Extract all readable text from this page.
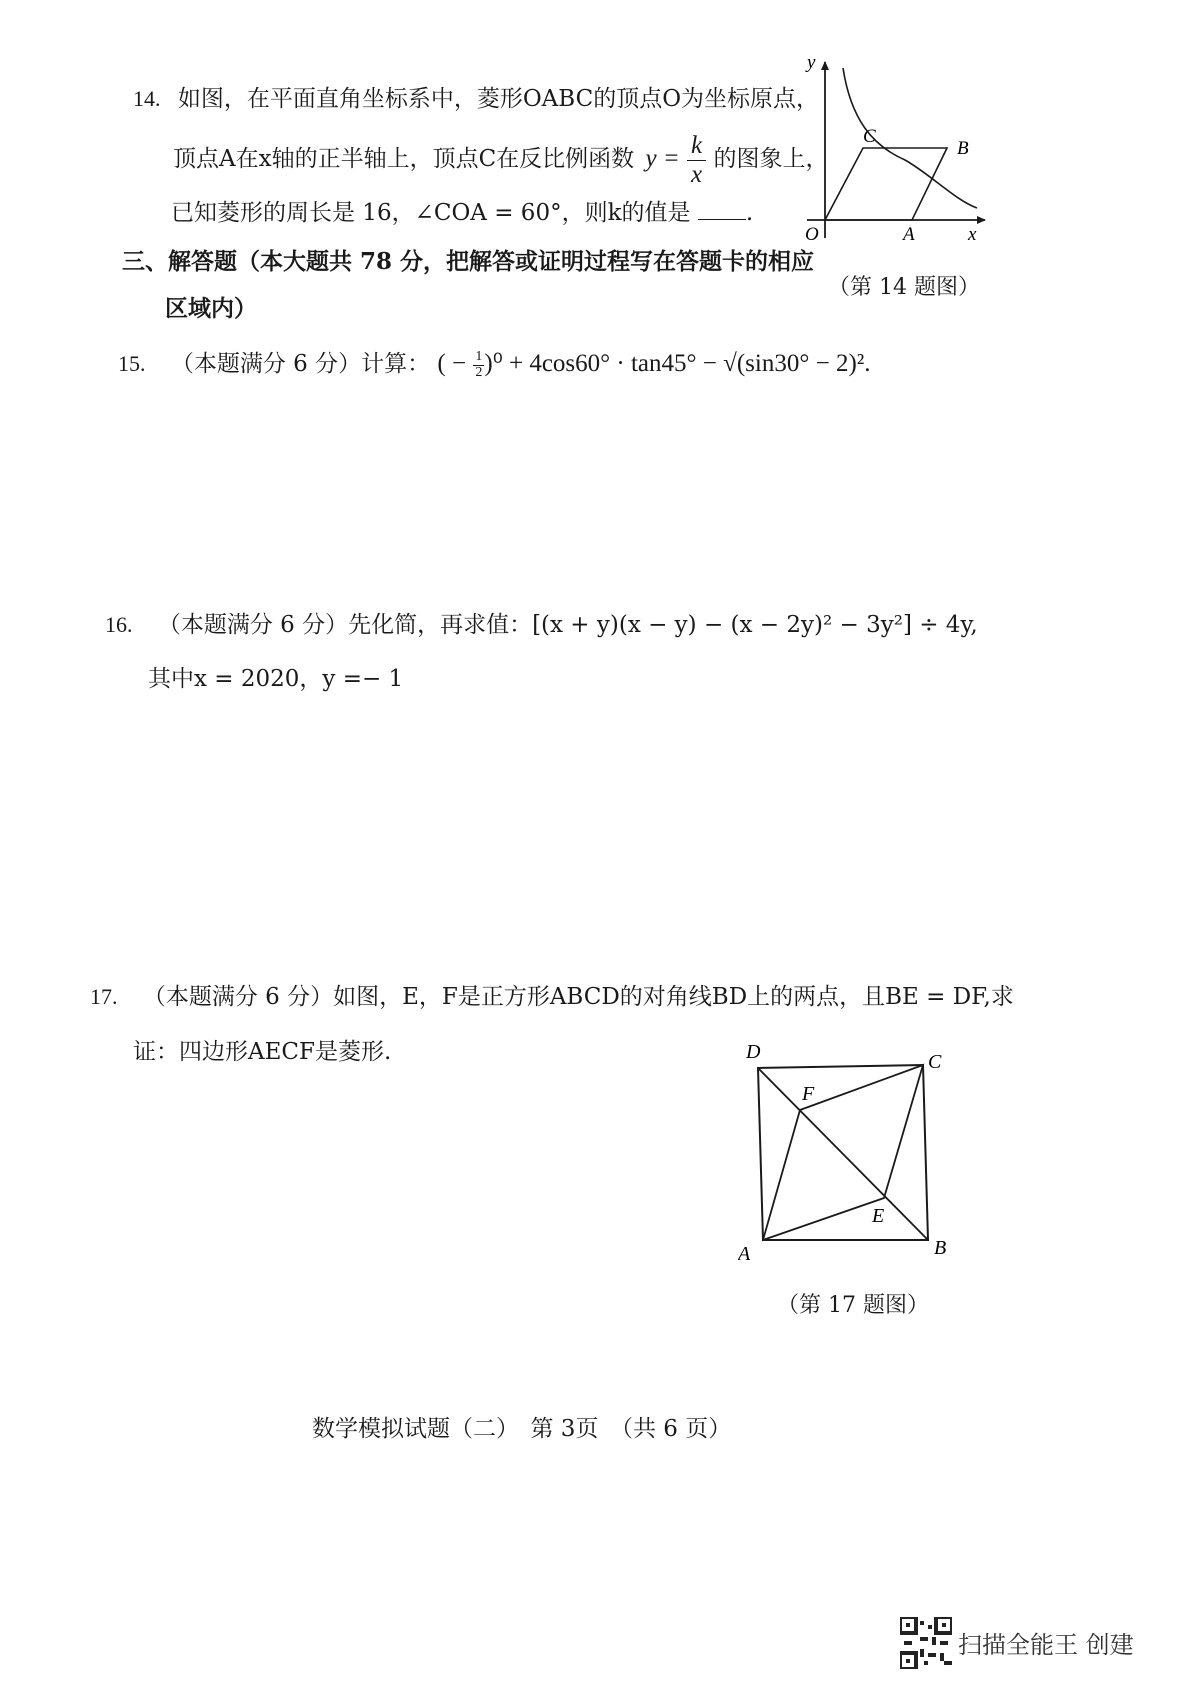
14. 如图，在平面直角坐标系中，菱形OABC的顶点O为坐标原点，
顶点A在x轴的正半轴上，顶点C在反比例函数 $y = \frac{k}{x}$ 的图象上，
已知菱形的周长是 16，∠COA = 60°，则k的值是 .
y
x
O	A
B
C
（第 14 题图）
三、解答题（本大题共 78 分，把解答或证明过程写在答题卡的相应
区域内）
15. （本题满分 6 分）计算： ( − $\frac{1}{2} )^0 + 4\cos 60^\circ \cdot \tan 45^\circ - √(\sin 30^\circ - 2)^2$.
16. （本题满分 6 分）先化简，再求值：[(x + y)(x − y) − (x − 2y)² − 3y²] ÷ 4y,
其中x = 2020，y =− 1
17. （本题满分 6 分）如图，E，F是正方形ABCD的对角线BD上的两点，且BE = DF,求
证：四边形AECF是菱形.	D	C
F
E
A	B
（第 17 题图）
数学模拟试题（二）　第 3页　（共 6 页）
扫描全能王 创建
